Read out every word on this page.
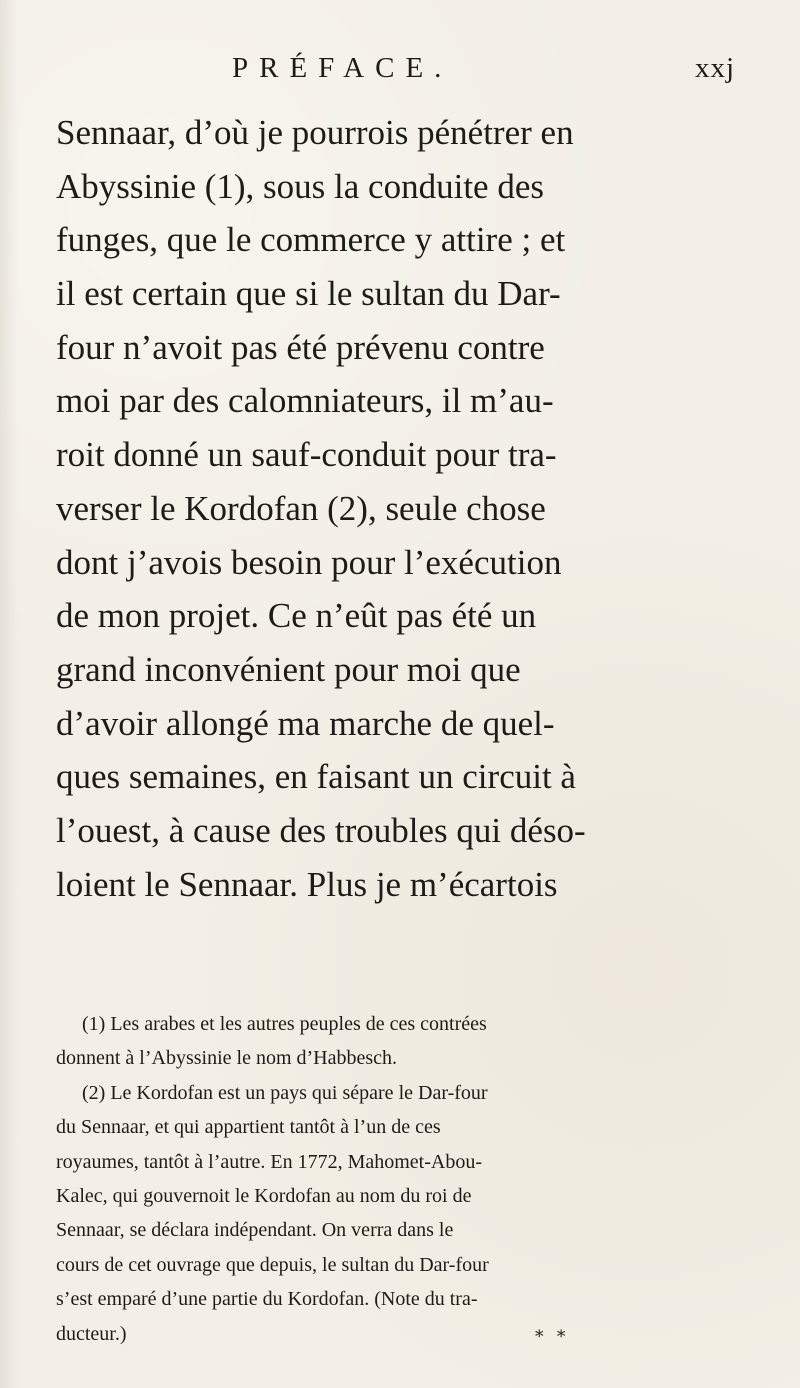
PRÉFACE.	xxj
Sennaar, d’où je pourrois pénétrer en
Abyssinie (1), sous la conduite des
funges, que le commerce y attire ; et
il est certain que si le sultan du Dar-
four n’avoit pas été prévenu contre
moi par des calomniateurs, il m’au-
roit donné un sauf-conduit pour tra-
verser le Kordofan (2), seule chose
dont j’avois besoin pour l’exécution
de mon projet. Ce n’eût pas été un
grand inconvénient pour moi que
d’avoir allongé ma marche de quel-
ques semaines, en faisant un circuit à
l’ouest, à cause des troubles qui déso-
loient le Sennaar. Plus je m’écartois
(1) Les arabes et les autres peuples de ces contrées
donnent à l’Abyssinie le nom d’Habbesch.
(2) Le Kordofan est un pays qui sépare le Dar-four
du Sennaar, et qui appartient tantôt à l’un de ces
royaumes, tantôt à l’autre. En 1772, Mahomet-Abou-
Kalec, qui gouvernoit le Kordofan au nom du roi de
Sennaar, se déclara indépendant. On verra dans le
cours de cet ouvrage que depuis, le sultan du Dar-four
s’est emparé d’une partie du Kordofan. (Note du tra-
ducteur.)	* *
